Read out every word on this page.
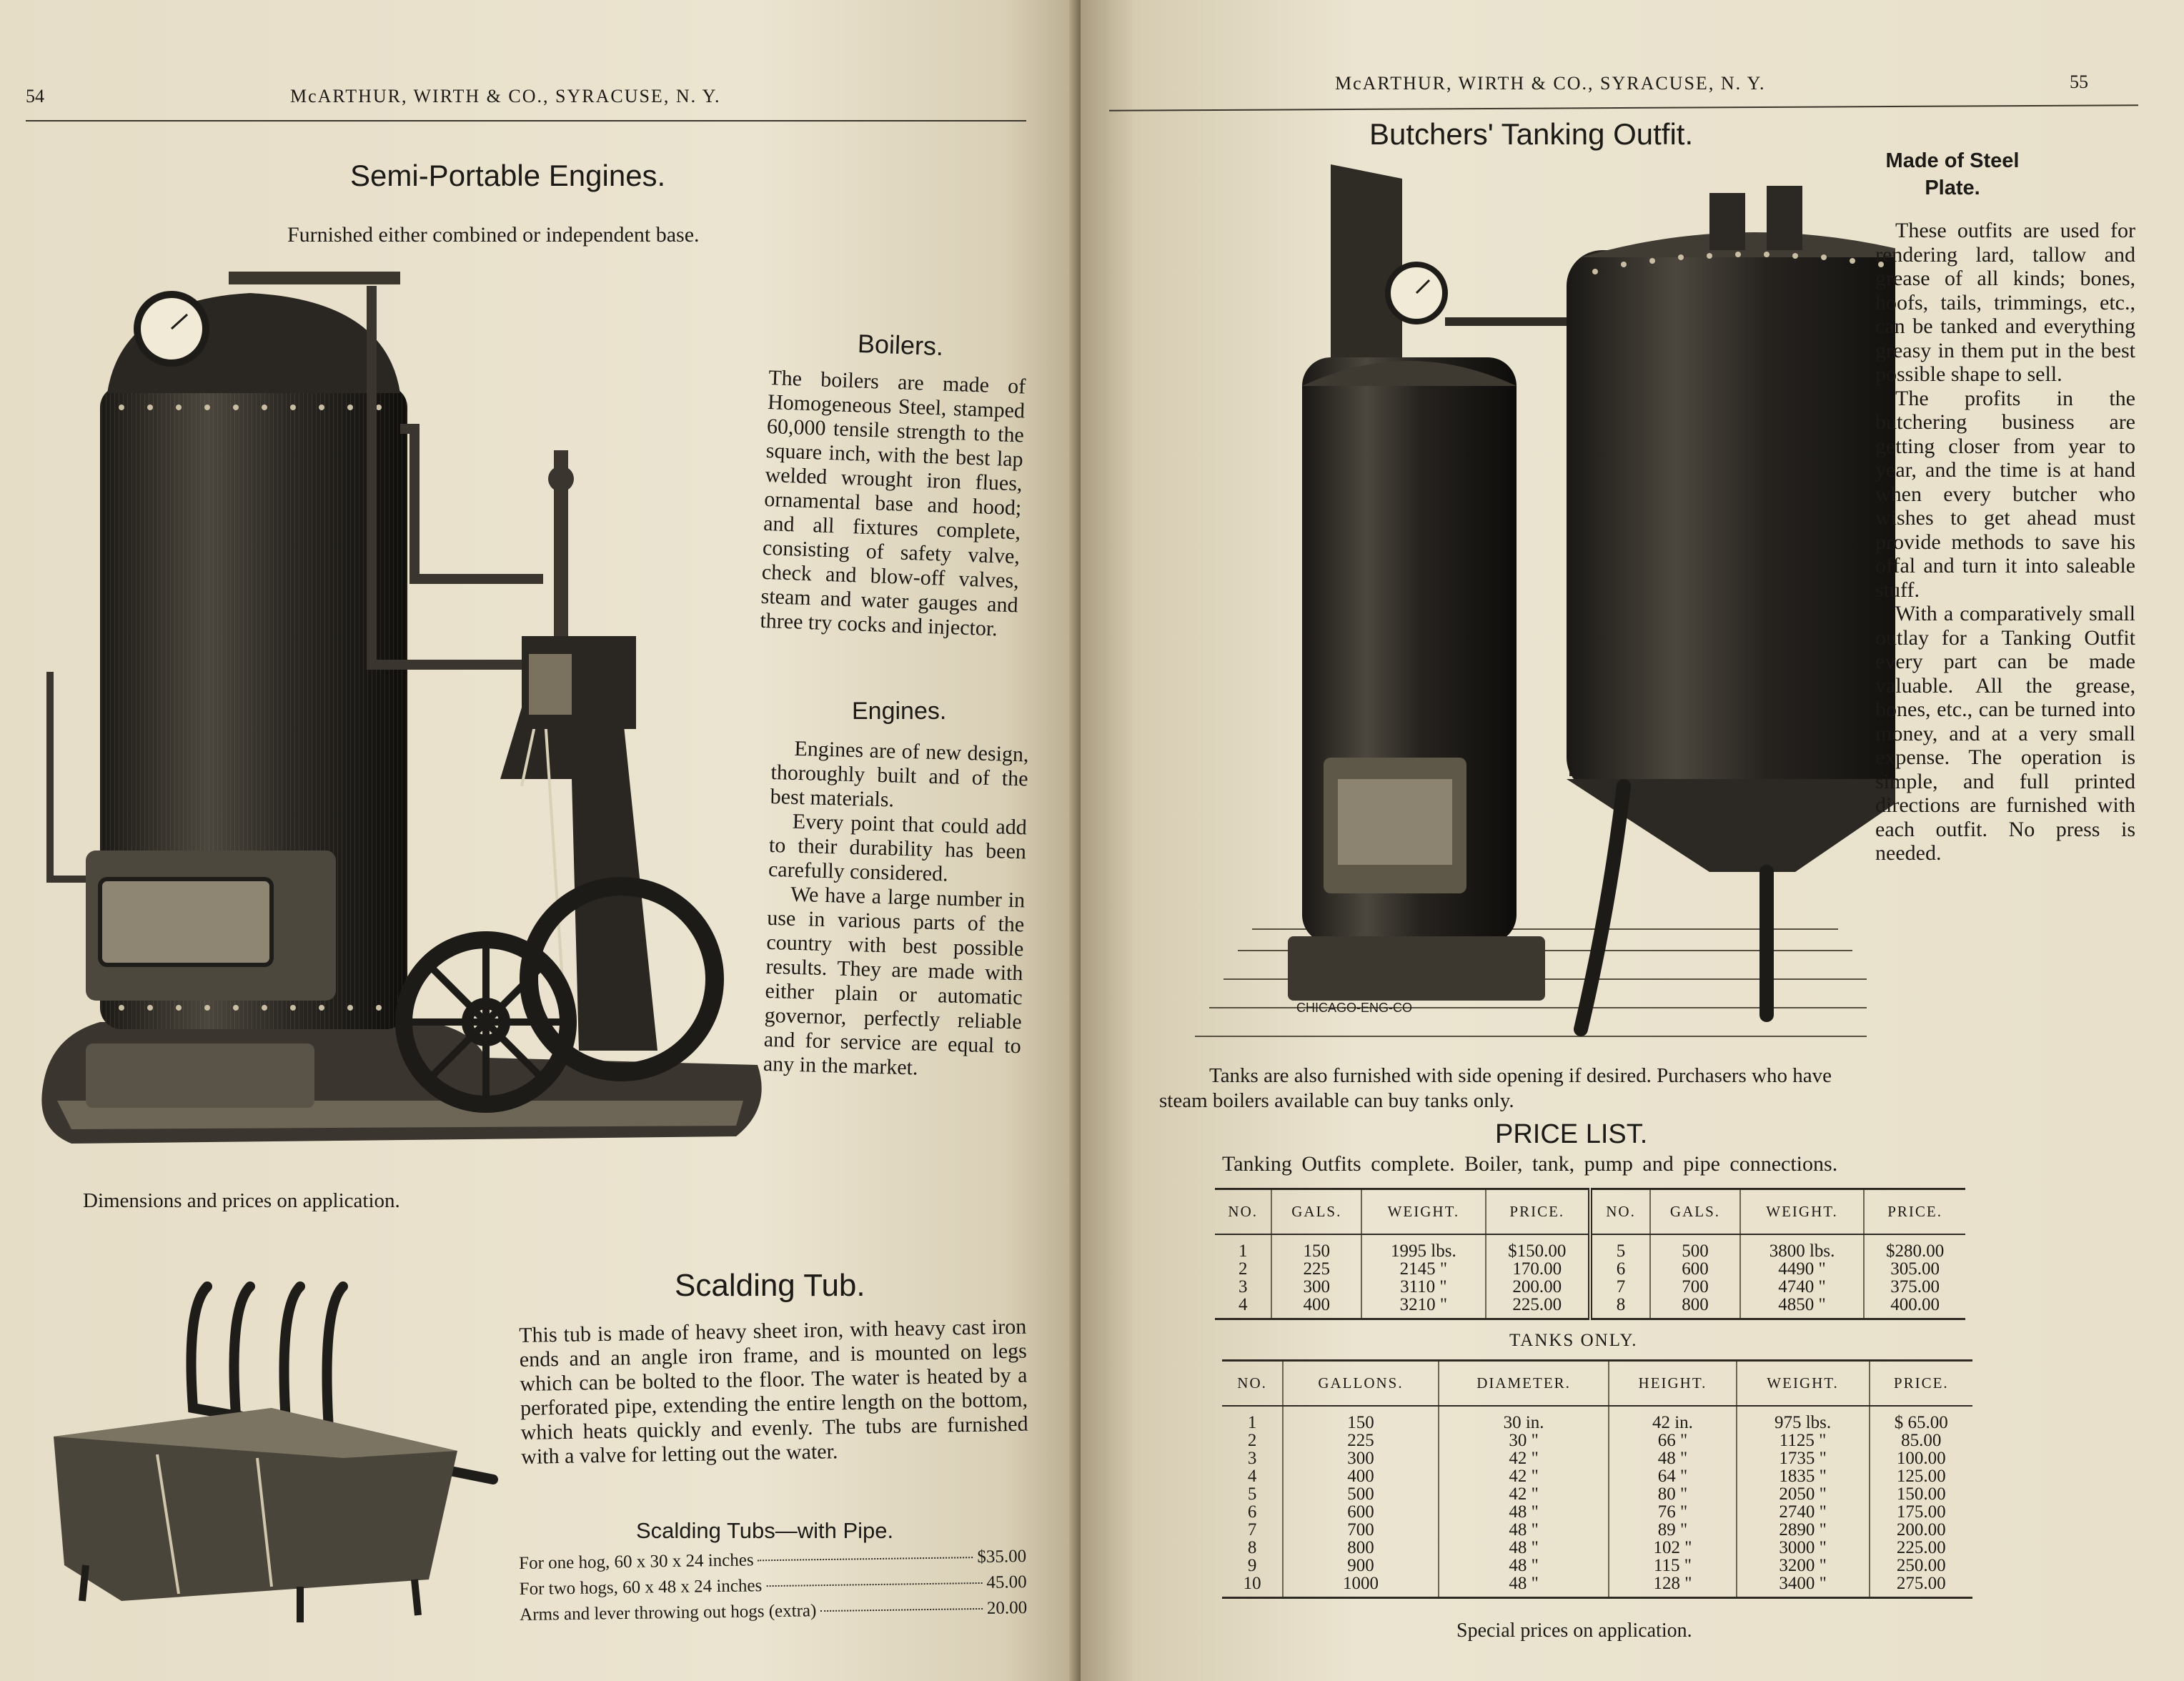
54	McARTHUR, WIRTH & CO., SYRACUSE, N. Y.
Semi-Portable Engines.
Furnished either combined or independent base.
Boilers.
The boilers are made of Homogeneous Steel, stamped 60,000 tensile strength to the square inch, with the best lap welded wrought iron flues, ornamental base and hood; and all fixtures complete, consisting of safety valve, check and blow-off valves, steam and water gauges and three try cocks and injector.
Engines.
Engines are of new design, thoroughly built and of the best materials.
Every point that could add to their durability has been carefully considered.
We have a large number in use in various parts of the country with best possible results. They are made with either plain or automatic governor, perfectly reliable and for service are equal to any in the market.
Dimensions and prices on application.
Scalding Tub.
This tub is made of heavy sheet iron, with heavy cast iron ends and an angle iron frame, and is mounted on legs which can be bolted to the floor. The water is heated by a perforated pipe, extending the entire length on the bottom, which heats quickly and evenly. The tubs are furnished with a valve for letting out the water.
Scalding Tubs—with Pipe.
For one hog, 60 x 30 x 24 inches	$35.00
For two hogs, 60 x 48 x 24 inches	45.00
Arms and lever throwing out hogs (extra)	20.00
McARTHUR, WIRTH & CO., SYRACUSE, N. Y.	55
Butchers' Tanking Outfit.
CHICAGO-ENG-CO
Tanks are also furnished with side opening if desired. Purchasers who have steam boilers available can buy tanks only.
Made of Steel Plate.
These outfits are used for rendering lard, tallow and grease of all kinds; bones, hoofs, tails, trimmings, etc., can be tanked and everything greasy in them put in the best possible shape to sell.
The profits in the butchering business are getting closer from year to year, and the time is at hand when every butcher who wishes to get ahead must provide methods to save his offal and turn it into saleable stuff.
With a comparatively small outlay for a Tanking Outfit every part can be made valuable. All the grease, bones, etc., can be turned into money, and at a very small expense. The operation is simple, and full printed directions are furnished with each outfit. No press is needed.
PRICE LIST.
Tanking Outfits complete. Boiler, tank, pump and pipe connections.
NO.	GALS.	WEIGHT.	PRICE.	NO.	GALS.	WEIGHT.	PRICE.
1	150	1995 lbs.	$150.00	5	500	3800 lbs.	$280.00
2	225	2145 "	170.00	6	600	4490 "	305.00
3	300	3110 "	200.00	7	700	4740 "	375.00
4	400	3210 "	225.00	8	800	4850 "	400.00
TANKS ONLY.
NO.	GALLONS.	DIAMETER.	HEIGHT.	WEIGHT.	PRICE.
1	150	30 in.	42 in.	975 lbs.	$ 65.00
2	225	30 "	66 "	1125 "	85.00
3	300	42 "	48 "	1735 "	100.00
4	400	42 "	64 "	1835 "	125.00
5	500	42 "	80 "	2050 "	150.00
6	600	48 "	76 "	2740 "	175.00
7	700	48 "	89 "	2890 "	200.00
8	800	48 "	102 "	3000 "	225.00
9	900	48 "	115 "	3200 "	250.00
10	1000	48 "	128 "	3400 "	275.00
Special prices on application.
